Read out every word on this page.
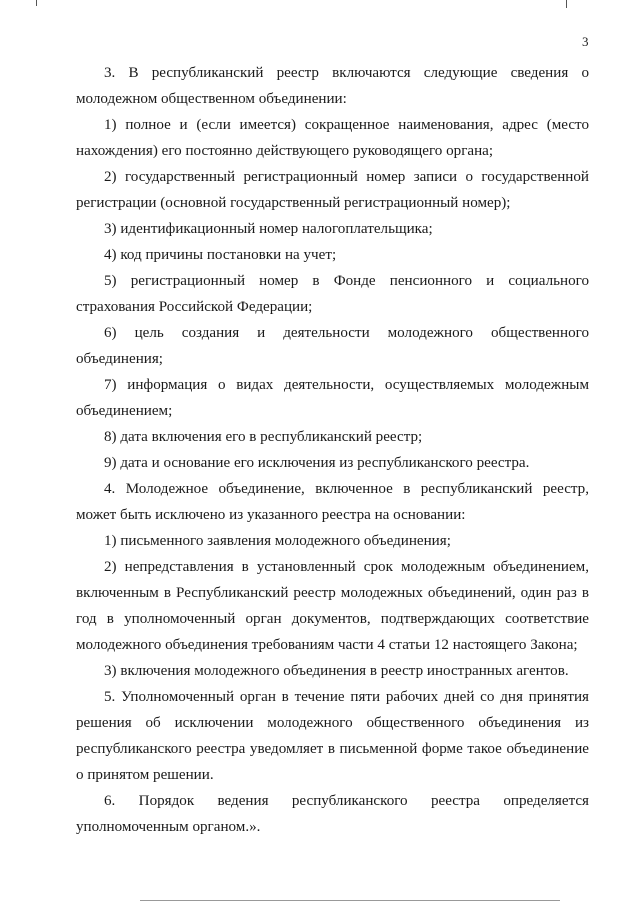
3

3. В республиканский реестр включаются следующие сведения о молодежном общественном объединении:

1) полное и (если имеется) сокращенное наименования, адрес (место нахождения) его постоянно действующего руководящего органа;

2) государственный регистрационный номер записи о государственной регистрации (основной государственный регистрационный номер);

3) идентификационный номер налогоплательщика;

4) код причины постановки на учет;

5) регистрационный номер в Фонде пенсионного и социального страхования Российской Федерации;

6) цель создания и деятельности молодежного общественного объединения;

7) информация о видах деятельности, осуществляемых молодежным объединением;

8) дата включения его в республиканский реестр;

9) дата и основание его исключения из республиканского реестра.

4. Молодежное объединение, включенное в республиканский реестр, может быть исключено из указанного реестра на основании:

1) письменного заявления молодежного объединения;

2) непредставления в установленный срок молодежным объединением, включенным в Республиканский реестр молодежных объединений, один раз в год в уполномоченный орган документов, подтверждающих соответствие молодежного объединения требованиям части 4 статьи 12 настоящего Закона;

3) включения молодежного объединения в реестр иностранных агентов.

5. Уполномоченный орган в течение пяти рабочих дней со дня принятия решения об исключении молодежного общественного объединения из республиканского реестра уведомляет в письменной форме такое объединение о принятом решении.

6. Порядок ведения республиканского реестра определяется уполномоченным органом.».
